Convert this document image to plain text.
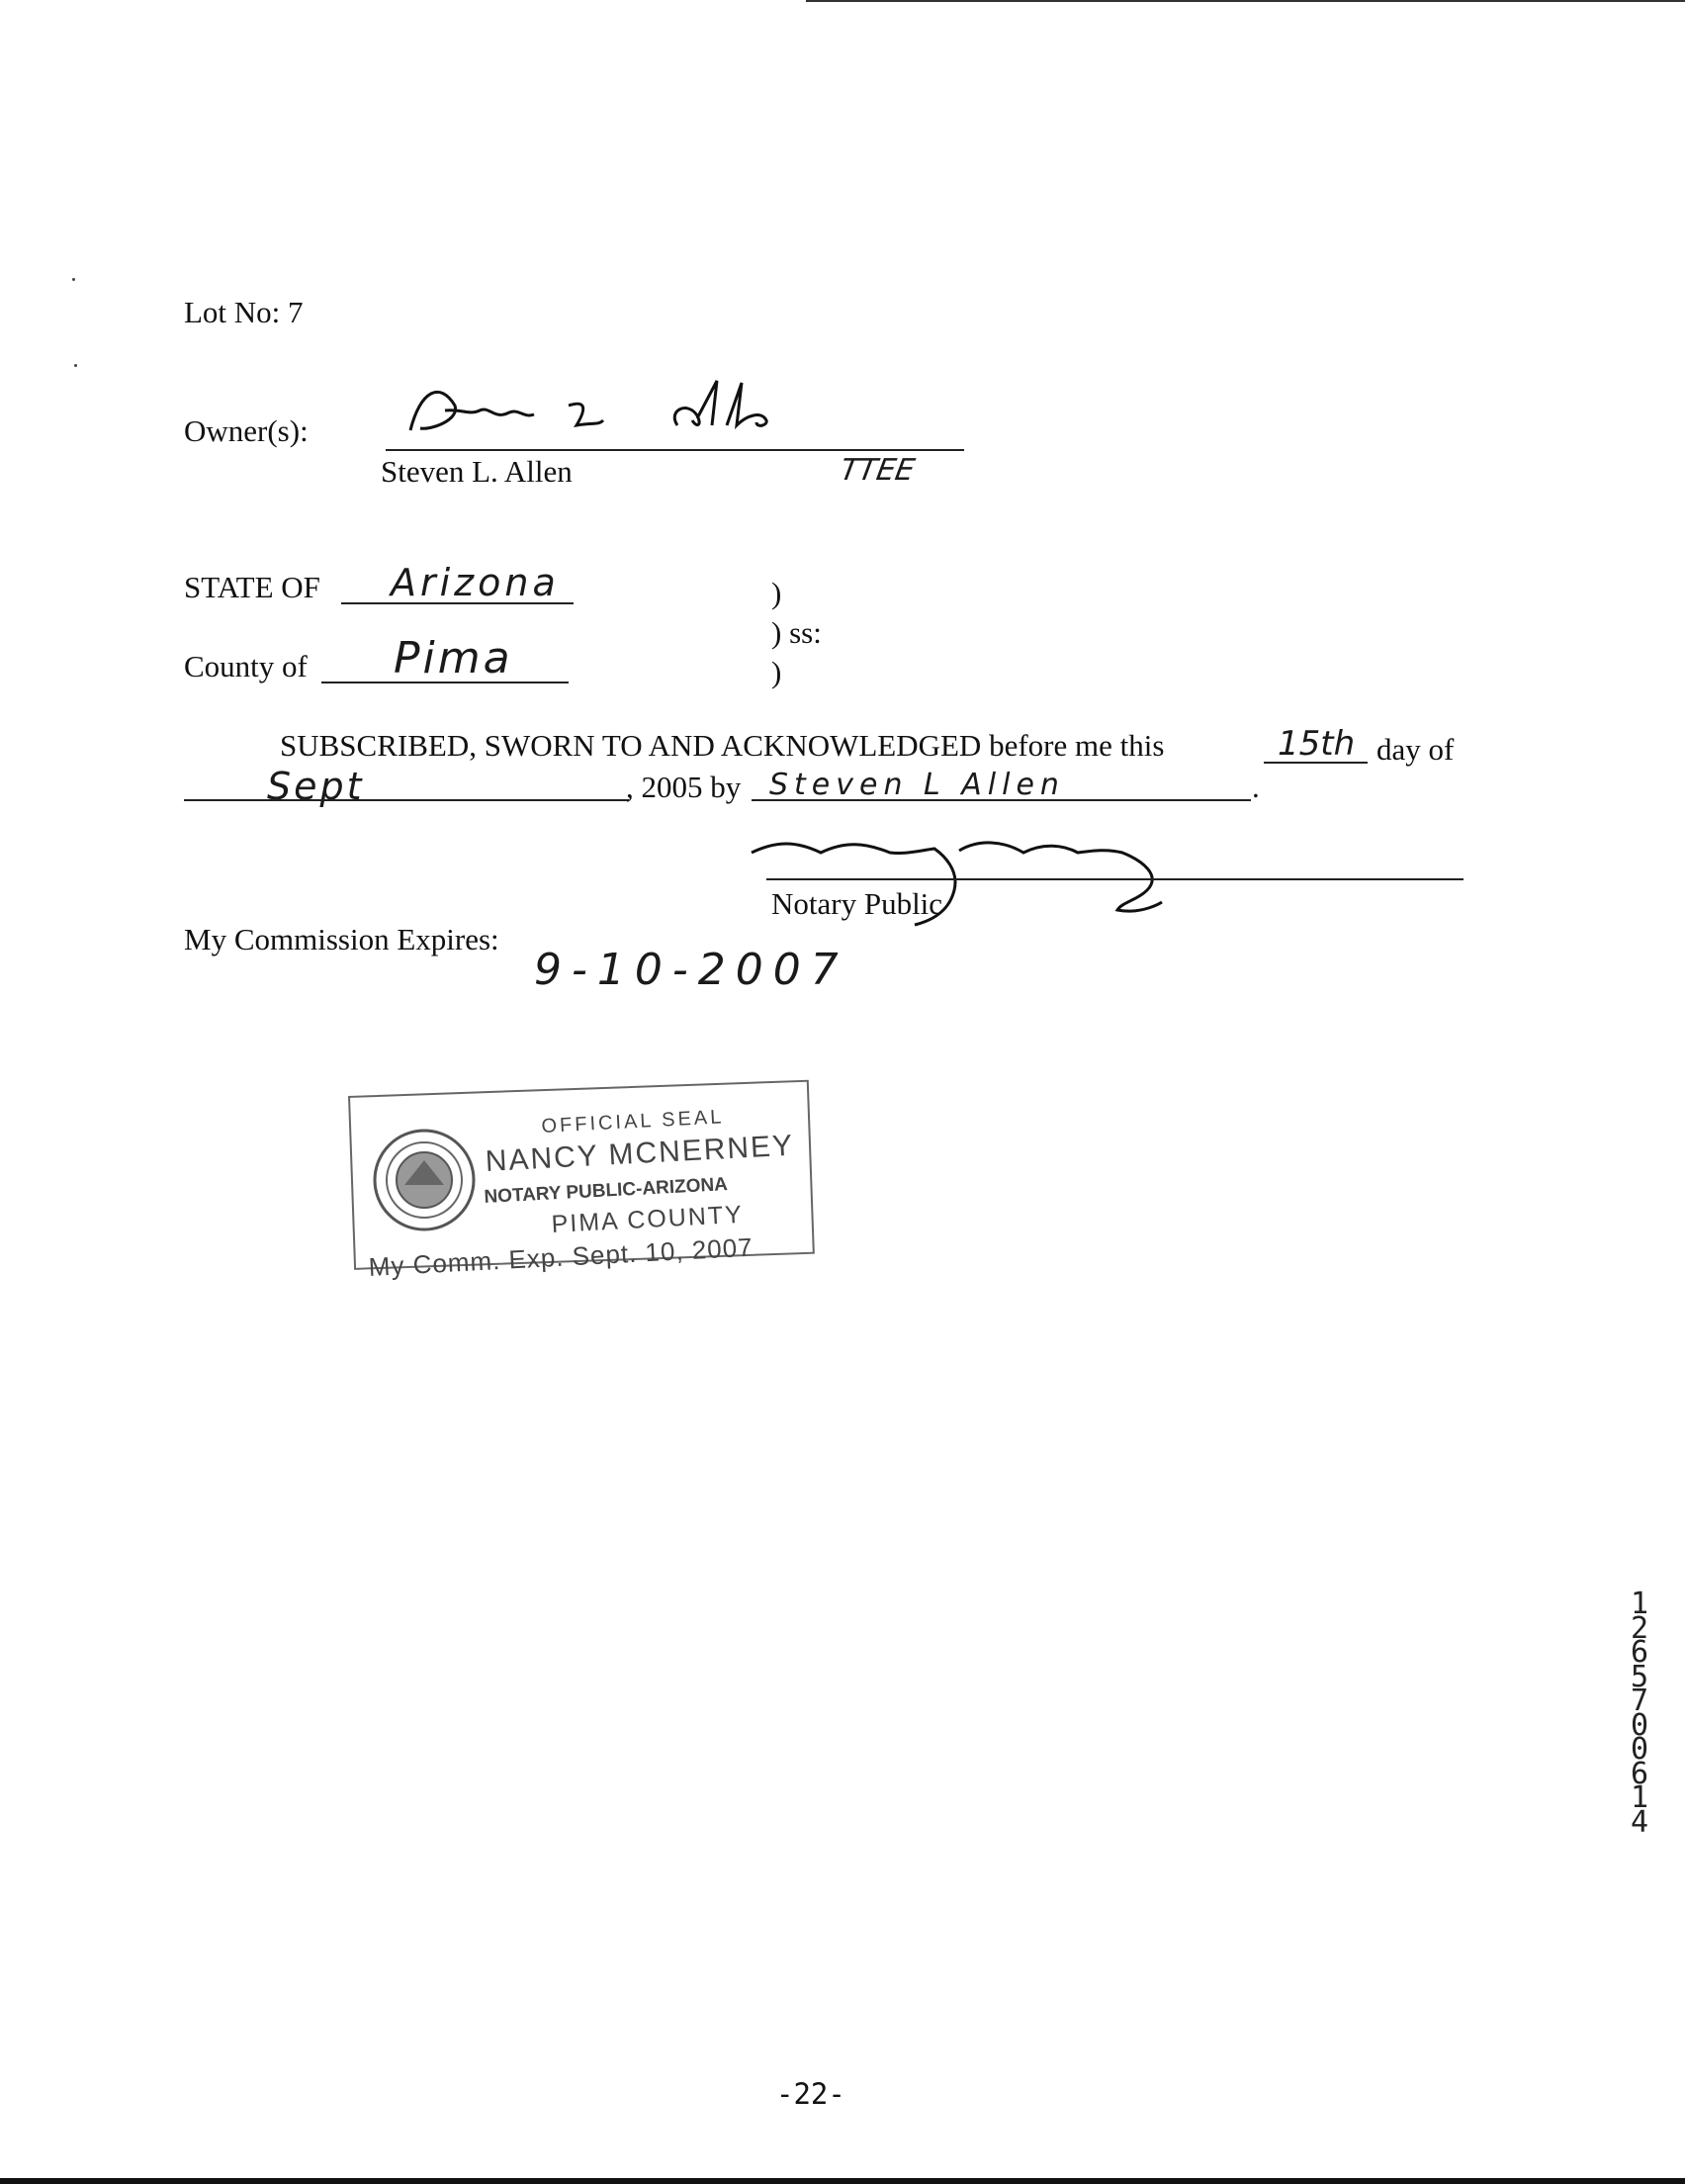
Lot No: 7
Owner(s):
Steven L. Allen	TTEE
STATE OF Arizona
County of Pima
)
) ss:
)
SUBSCRIBED, SWORN TO AND ACKNOWLEDGED before me this	15th day of
Sept	, 2005 by Steven L Allen	.
Notary Public
My Commission Expires:
9-10-2007
OFFICIAL SEAL
NANCY MCNERNEY
NOTARY PUBLIC-ARIZONA
PIMA COUNTY
My Comm. Exp. Sept. 10, 2007
12657 00614
-22-
